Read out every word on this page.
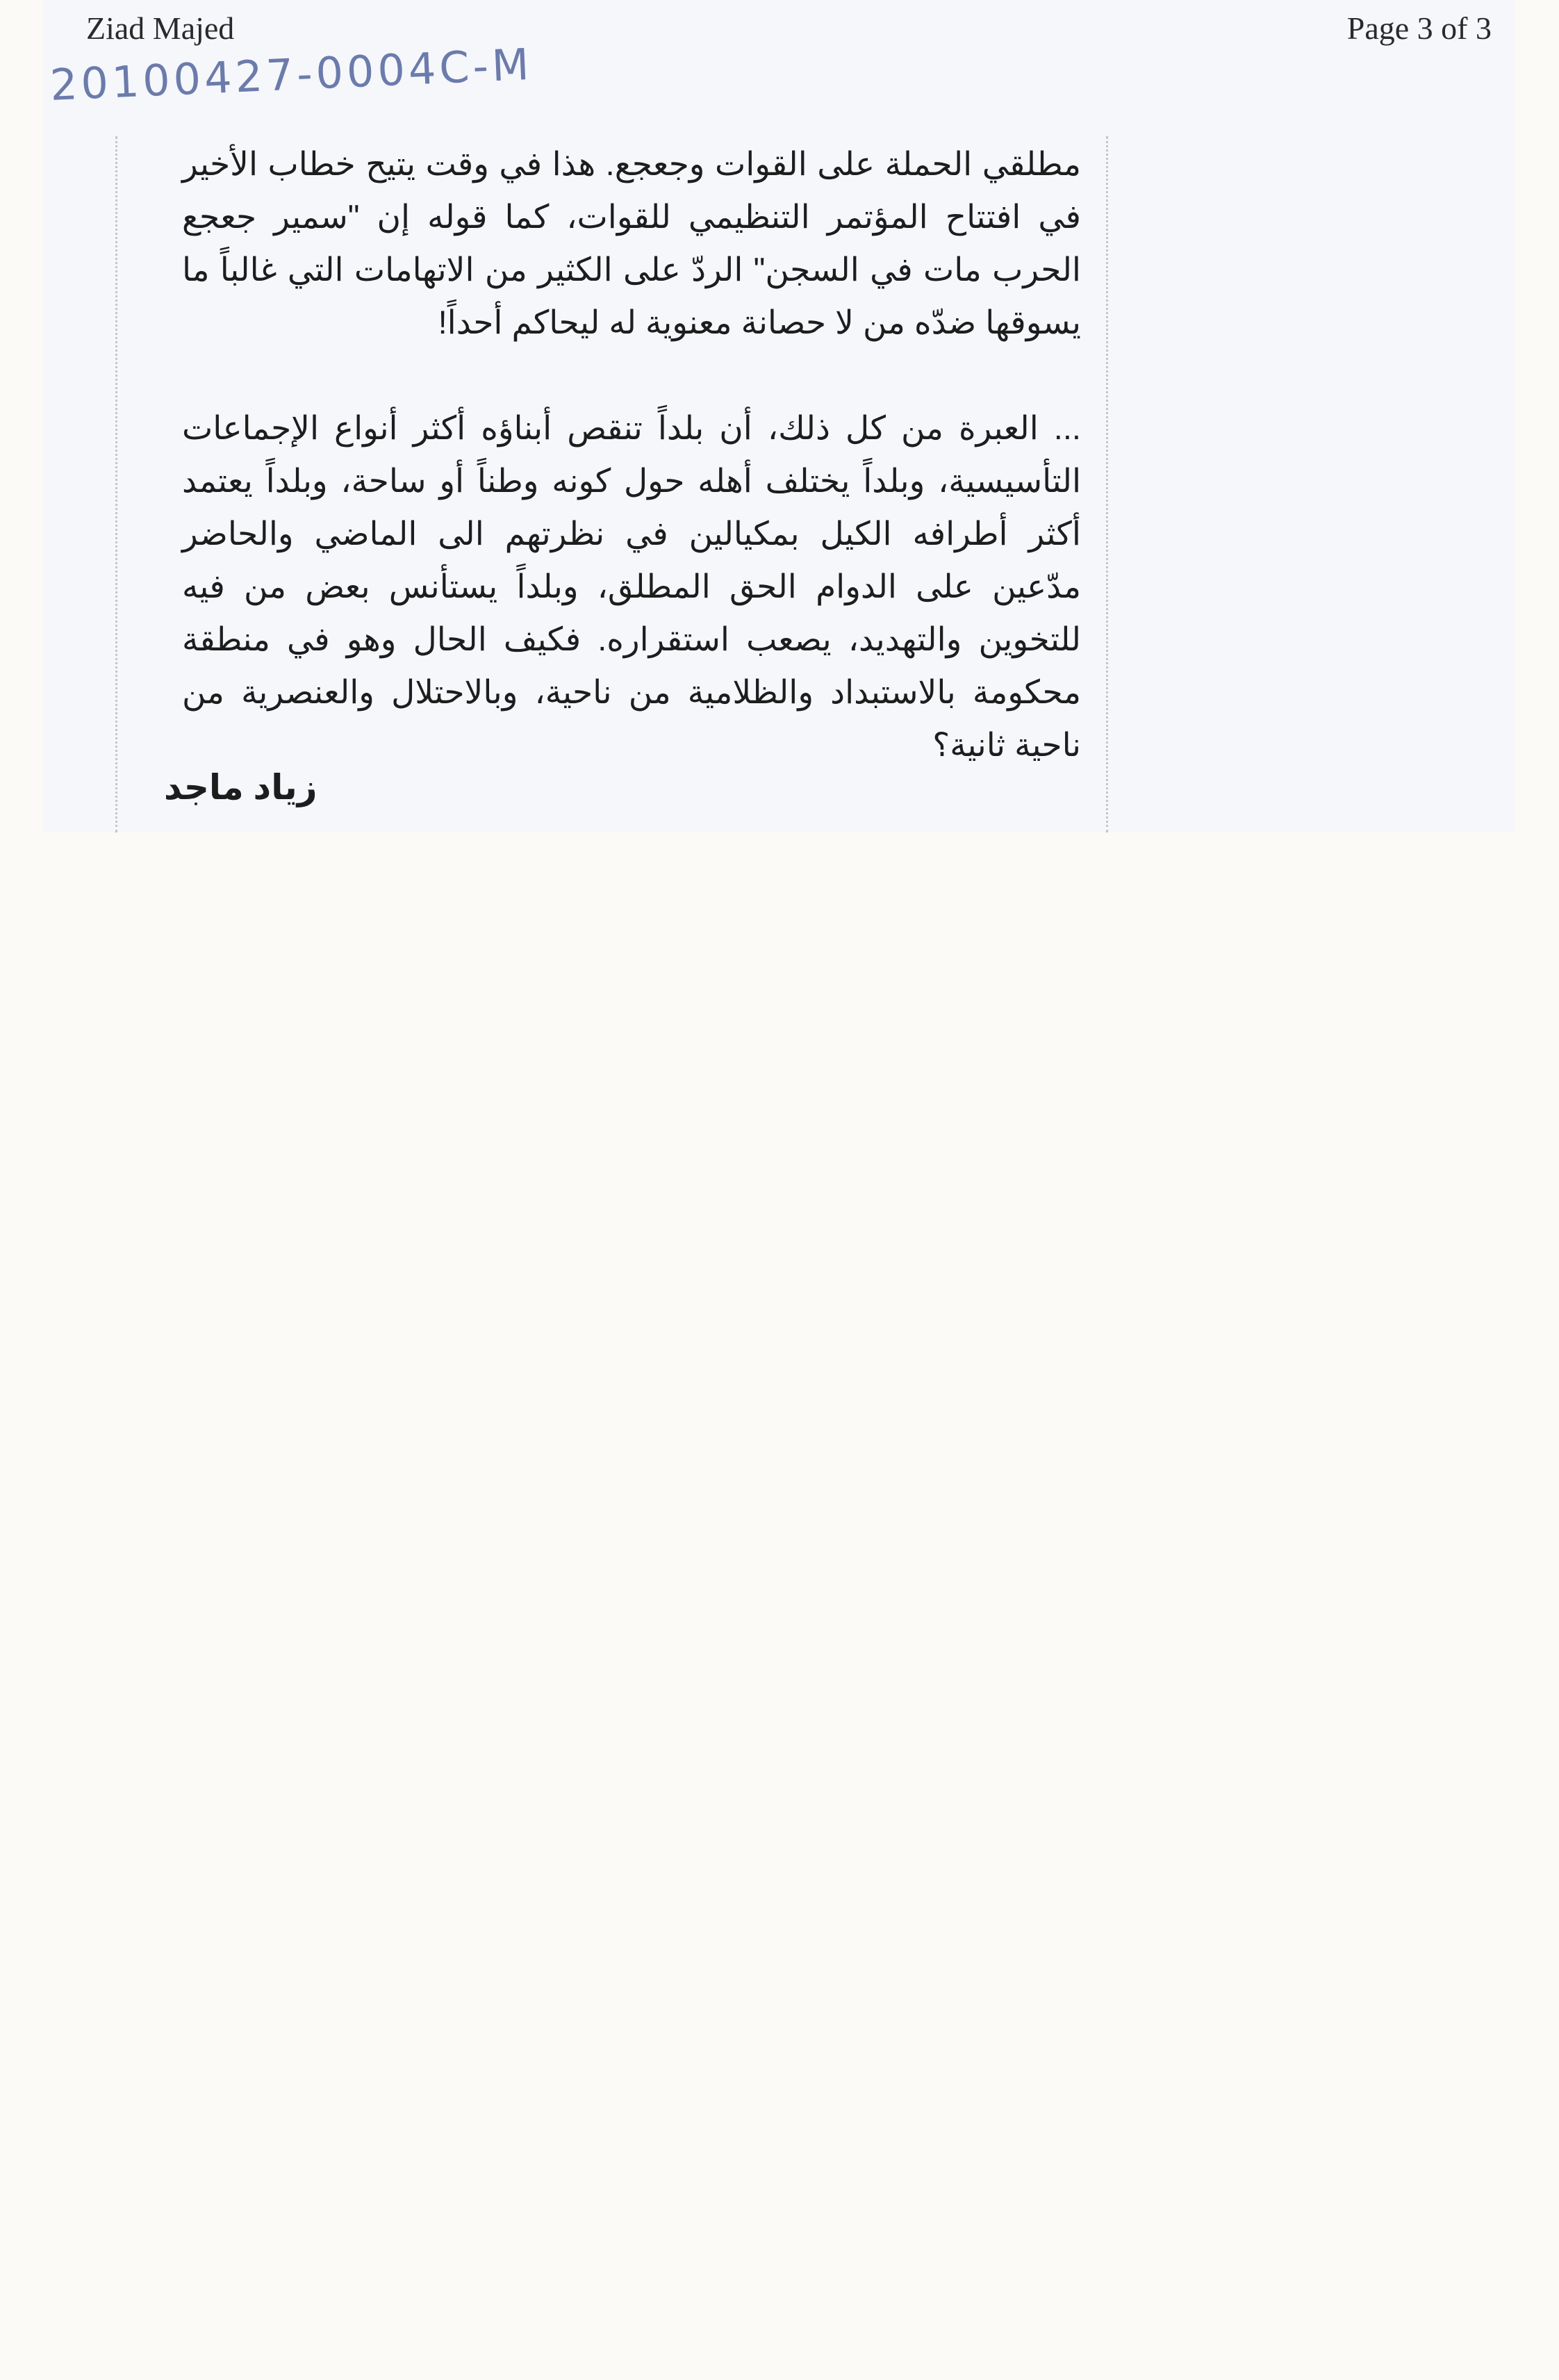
Ziad Majed	Page 3 of 3
20100427-0004C-M

مطلقي الحملة على القوات وجعجع. هذا في وقت يتيح خطاب الأخير في افتتاح المؤتمر التنظيمي للقوات، كما قوله إن "سمير جعجع الحرب مات في السجن" الردّ على الكثير من الاتهامات التي غالباً ما يسوقها ضدّه من لا حصانة معنوية له ليحاكم أحداً!

... العبرة من كل ذلك، أن بلداً تنقص أبناؤه أكثر أنواع الإجماعات التأسيسية، وبلداً يختلف أهله حول كونه وطناً أو ساحة، وبلداً يعتمد أكثر أطرافه الكيل بمكيالين في نظرتهم الى الماضي والحاضر مدّعين على الدوام الحق المطلق، وبلداً يستأنس بعض من فيه للتخوين والتهديد، يصعب استقراره. فكيف الحال وهو في منطقة محكومة بالاستبداد والظلامية من ناحية، وبالاحتلال والعنصرية من ناحية ثانية؟

زياد ماجد
